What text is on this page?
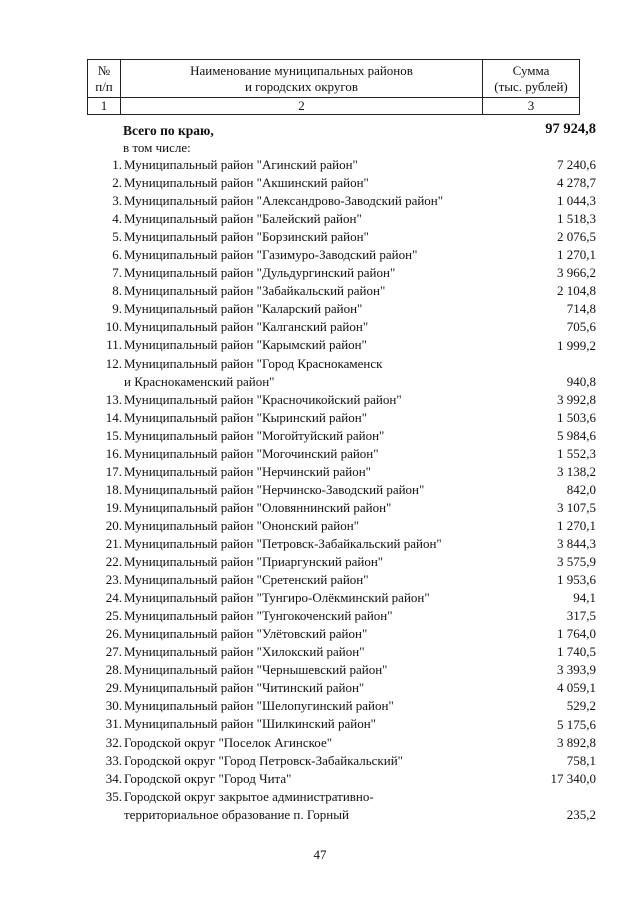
№
п/п	Наименование муниципальных районов
и городских округов	Сумма
(тыс. рублей)
1	2	3
Всего по краю,	97 924,8
в том числе:
1. Муниципальный район "Агинский район"	7 240,6
2. Муниципальный район "Акшинский район"	4 278,7
3. Муниципальный район "Александрово-Заводский район"	1 044,3
4. Муниципальный район "Балейский район"	1 518,3
5. Муниципальный район "Борзинский район"	2 076,5
6. Муниципальный район "Газимуро-Заводский район"	1 270,1
7. Муниципальный район "Дульдургинский район"	3 966,2
8. Муниципальный район "Забайкальский район"	2 104,8
9. Муниципальный район "Каларский район"	714,8
10. Муниципальный район "Калганский район"	705,6
11. Муниципальный район "Карымский район"	1 999,2
12. Муниципальный район "Город Краснокаменск
и Краснокаменский район"	940,8
13. Муниципальный район "Красночикойский район"	3 992,8
14. Муниципальный район "Кыринский район"	1 503,6
15. Муниципальный район "Могойтуйский район"	5 984,6
16. Муниципальный район "Могочинский район"	1 552,3
17. Муниципальный район "Нерчинский район"	3 138,2
18. Муниципальный район "Нерчинско-Заводский район"	842,0
19. Муниципальный район "Оловяннинский район"	3 107,5
20. Муниципальный район "Ононский район"	1 270,1
21. Муниципальный район "Петровск-Забайкальский район"	3 844,3
22. Муниципальный район "Приаргунский район"	3 575,9
23. Муниципальный район "Сретенский район"	1 953,6
24. Муниципальный район "Тунгиро-Олёкминский район"	94,1
25. Муниципальный район "Тунгокоченский район"	317,5
26. Муниципальный район "Улётовский район"	1 764,0
27. Муниципальный район "Хилокский район"	1 740,5
28. Муниципальный район "Чернышевский район"	3 393,9
29. Муниципальный район "Читинский район"	4 059,1
30. Муниципальный район "Шелопугинский район"	529,2
31. Муниципальный район "Шилкинский район"	5 175,6
32. Городской округ "Поселок Агинское"	3 892,8
33. Городской округ "Город Петровск-Забайкальский"	758,1
34. Городской округ "Город Чита"	17 340,0
35. Городской округ закрытое административно-
территориальное образование п. Горный	235,2
47
